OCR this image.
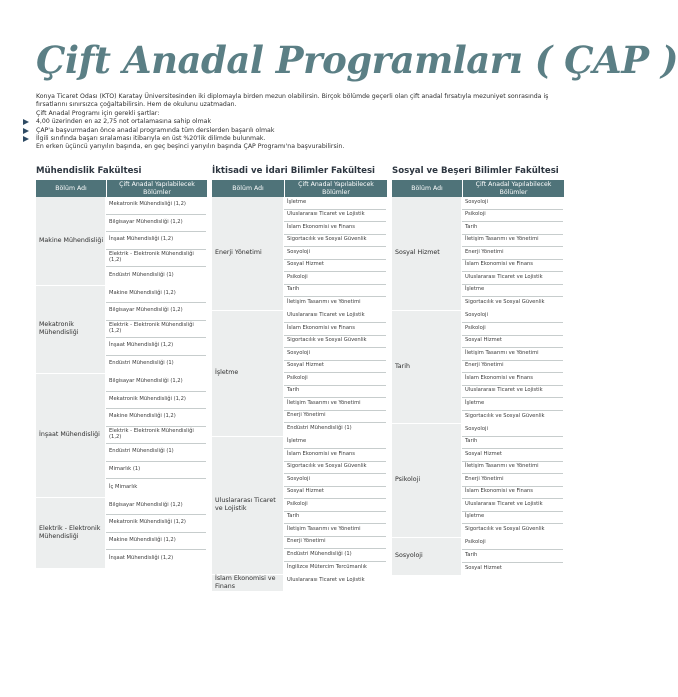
Çift Anadal Programları ( ÇAP )

Konya Ticaret Odası (KTO) Karatay Üniversitesinden iki diplomayla birden mezun olabilirsin. Birçok bölümde geçerli olan çift anadal fırsatıyla mezuniyet sonrasında iş fırsatlarını sınırsızca çoğaltabilirsin. Hem de okulunu uzatmadan.

Çift Anadal Programı için gerekli şartlar:

4,00 üzerinden en az 2,75 not ortalamasına sahip olmak
ÇAP'a başvurmadan önce anadal programında tüm derslerden başarılı olmak
İlgili sınıfında başarı sıralaması itibarıyla en üst %20'lik dilimde bulunmak.

En erken üçüncü yarıyılın başında, en geç beşinci yarıyılın başında ÇAP Programı'na başvurabilirsin.

Mühendislik Fakültesi
Bölüm Adı
Çift Anadal Yapılabilecek Bölümler
Makine Mühendisliği
Mekatronik Mühendisliği (1,2)
Bilgisayar Mühendisliği (1,2)
İnşaat Mühendisliği (1,2)
Elektrik - Elektronik Mühendisliği (1,2)
Endüstri Mühendisliği (1)
Mekatronik Mühendisliği
Makine Mühendisliği (1,2)
Bilgisayar Mühendisliği (1,2)
Elektrik - Elektronik Mühendisliği (1,2)
İnşaat Mühendisliği (1,2)
Endüstri Mühendisliği (1)
İnşaat Mühendisliği
Bilgisayar Mühendisliği (1,2)
Mekatronik Mühendisliği (1,2)
Makine Mühendisliği (1,2)
Elektrik - Elektronik Mühendisliği (1,2)
Endüstri Mühendisliği (1)
Mimarlık (1)
İç Mimarlık
Elektrik - Elektronik Mühendisliği
Bilgisayar Mühendisliği (1,2)
Mekatronik Mühendisliği (1,2)
Makine Mühendisliği (1,2)
İnşaat Mühendisliği (1,2)
İktisadi ve İdari Bilimler Fakültesi
Bölüm Adı
Çift Anadal Yapılabilecek Bölümler
Enerji Yönetimi
İşletme
Uluslararası Ticaret ve Lojistik
İslam Ekonomisi ve Finans
Sigortacılık ve Sosyal Güvenlik
Sosyoloji
Sosyal Hizmet
Psikoloji
Tarih
İletişim Tasarımı ve Yönetimi
İşletme
Uluslararası Ticaret ve Lojistik
İslam Ekonomisi ve Finans
Sigortacılık ve Sosyal Güvenlik
Sosyoloji
Sosyal Hizmet
Psikoloji
Tarih
İletişim Tasarımı ve Yönetimi
Enerji Yönetimi
Endüstri Mühendisliği (1)
Uluslararası Ticaret ve Lojistik
İşletme
İslam Ekonomisi ve Finans
Sigortacılık ve Sosyal Güvenlik
Sosyoloji
Sosyal Hizmet
Psikoloji
Tarih
İletişim Tasarımı ve Yönetimi
Enerji Yönetimi
Endüstri Mühendisliği (1)
İngilizce Mütercim Tercümanlık
İslam Ekonomisi ve Finans
Uluslararası Ticaret ve Lojistik
Sosyal ve Beşeri Bilimler Fakültesi
Bölüm Adı
Çift Anadal Yapılabilecek Bölümler
Sosyal Hizmet
Sosyoloji
Psikoloji
Tarih
İletişim Tasarımı ve Yönetimi
Enerji Yönetimi
İslam Ekonomisi ve Finans
Uluslararası Ticaret ve Lojistik
İşletme
Sigortacılık ve Sosyal Güvenlik
Tarih
Sosyoloji
Psikoloji
Sosyal Hizmet
İletişim Tasarımı ve Yönetimi
Enerji Yönetimi
İslam Ekonomisi ve Finans
Uluslararası Ticaret ve Lojistik
İşletme
Sigortacılık ve Sosyal Güvenlik
Psikoloji
Sosyoloji
Tarih
Sosyal Hizmet
İletişim Tasarımı ve Yönetimi
Enerji Yönetimi
İslam Ekonomisi ve Finans
Uluslararası Ticaret ve Lojistik
İşletme
Sigortacılık ve Sosyal Güvenlik
Sosyoloji
Psikoloji
Tarih
Sosyal Hizmet
